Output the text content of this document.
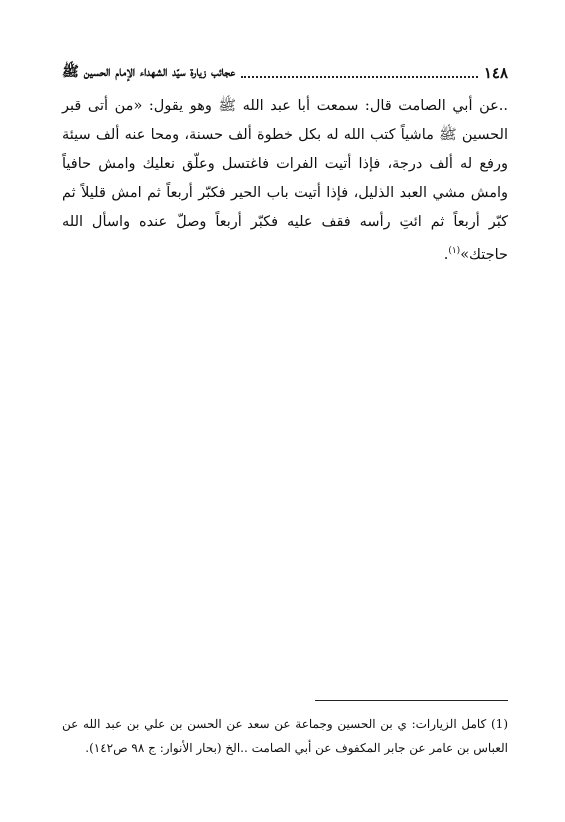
١٤٨
عجائب زيارة سيّد الشهداء الإمام الحسين ﷺ

..عن أبي الصامت قال: سمعت أبا عبد الله ﷺ وهو يقول: «من أتى قبر الحسين ﷺ ماشياً كتب الله له بكل خطوة ألف حسنة، ومحا عنه ألف سيئة ورفع له ألف درجة، فإذا أتيت الفرات فاغتسل وعلّق نعليك وامش حافياً وامش مشي العبد الذليل، فإذا أتيت باب الحير فكبّر أربعاً ثم امش قليلاً ثم كبّر أربعاً ثم ائتِ رأسه فقف عليه فكبّر أربعاً وصلّ عنده واسأل الله حاجتك»$^{(١)}$.

(1) كامل الزيارات: ي بن الحسين وجماعة عن سعد عن الحسن بن علي بن عبد الله عن العباس بن عامر عن جابر المكفوف عن أبي الصامت ..الخ (بحار الأنوار: ج ٩٨ ص١٤٢).
